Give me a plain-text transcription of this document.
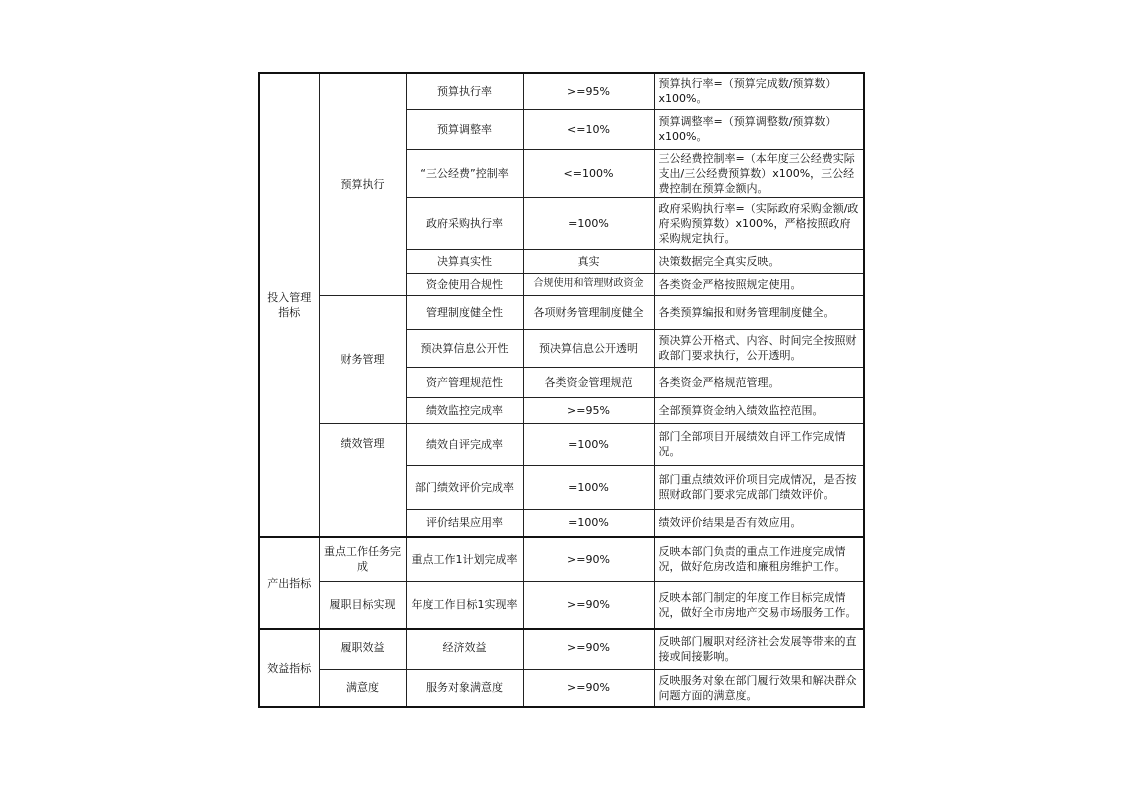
投入管理指标	预算执行	预算执行率	>=95%	预算执行率=（预算完成数/预算数）x100%。
		预算调整率	<=10%	预算调整率=（预算调整数/预算数）x100%。
		“三公经费”控制率	<=100%	三公经费控制率=（本年度三公经费实际支出/三公经费预算数）x100%，三公经费控制在预算金额内。
		政府采购执行率	=100%	政府采购执行率=（实际政府采购金额/政府采购预算数）x100%，严格按照政府采购规定执行。
		决算真实性	真实	决策数据完全真实反映。
		资金使用合规性	合规使用和管理财政资金	各类资金严格按照规定使用。
	财务管理	管理制度健全性	各项财务管理制度健全	各类预算编报和财务管理制度健全。
		预决算信息公开性	预决算信息公开透明	预决算公开格式、内容、时间完全按照财政部门要求执行，公开透明。
		资产管理规范性	各类资金管理规范	各类资金严格规范管理。
		绩效监控完成率	>=95%	全部预算资金纳入绩效监控范围。
	绩效管理	绩效自评完成率	=100%	部门全部项目开展绩效自评工作完成情况。
		部门绩效评价完成率	=100%	部门重点绩效评价项目完成情况，是否按照财政部门要求完成部门绩效评价。
		评价结果应用率	=100%	绩效评价结果是否有效应用。
产出指标	重点工作任务完成	重点工作1计划完成率	>=90%	反映本部门负责的重点工作进度完成情况，做好危房改造和廉租房维护工作。
	履职目标实现	年度工作目标1实现率	>=90%	反映本部门制定的年度工作目标完成情况，做好全市房地产交易市场服务工作。
效益指标	履职效益	经济效益	>=90%	反映部门履职对经济社会发展等带来的直接或间接影响。
	满意度	服务对象满意度	>=90%	反映服务对象在部门履行效果和解决群众问题方面的满意度。
